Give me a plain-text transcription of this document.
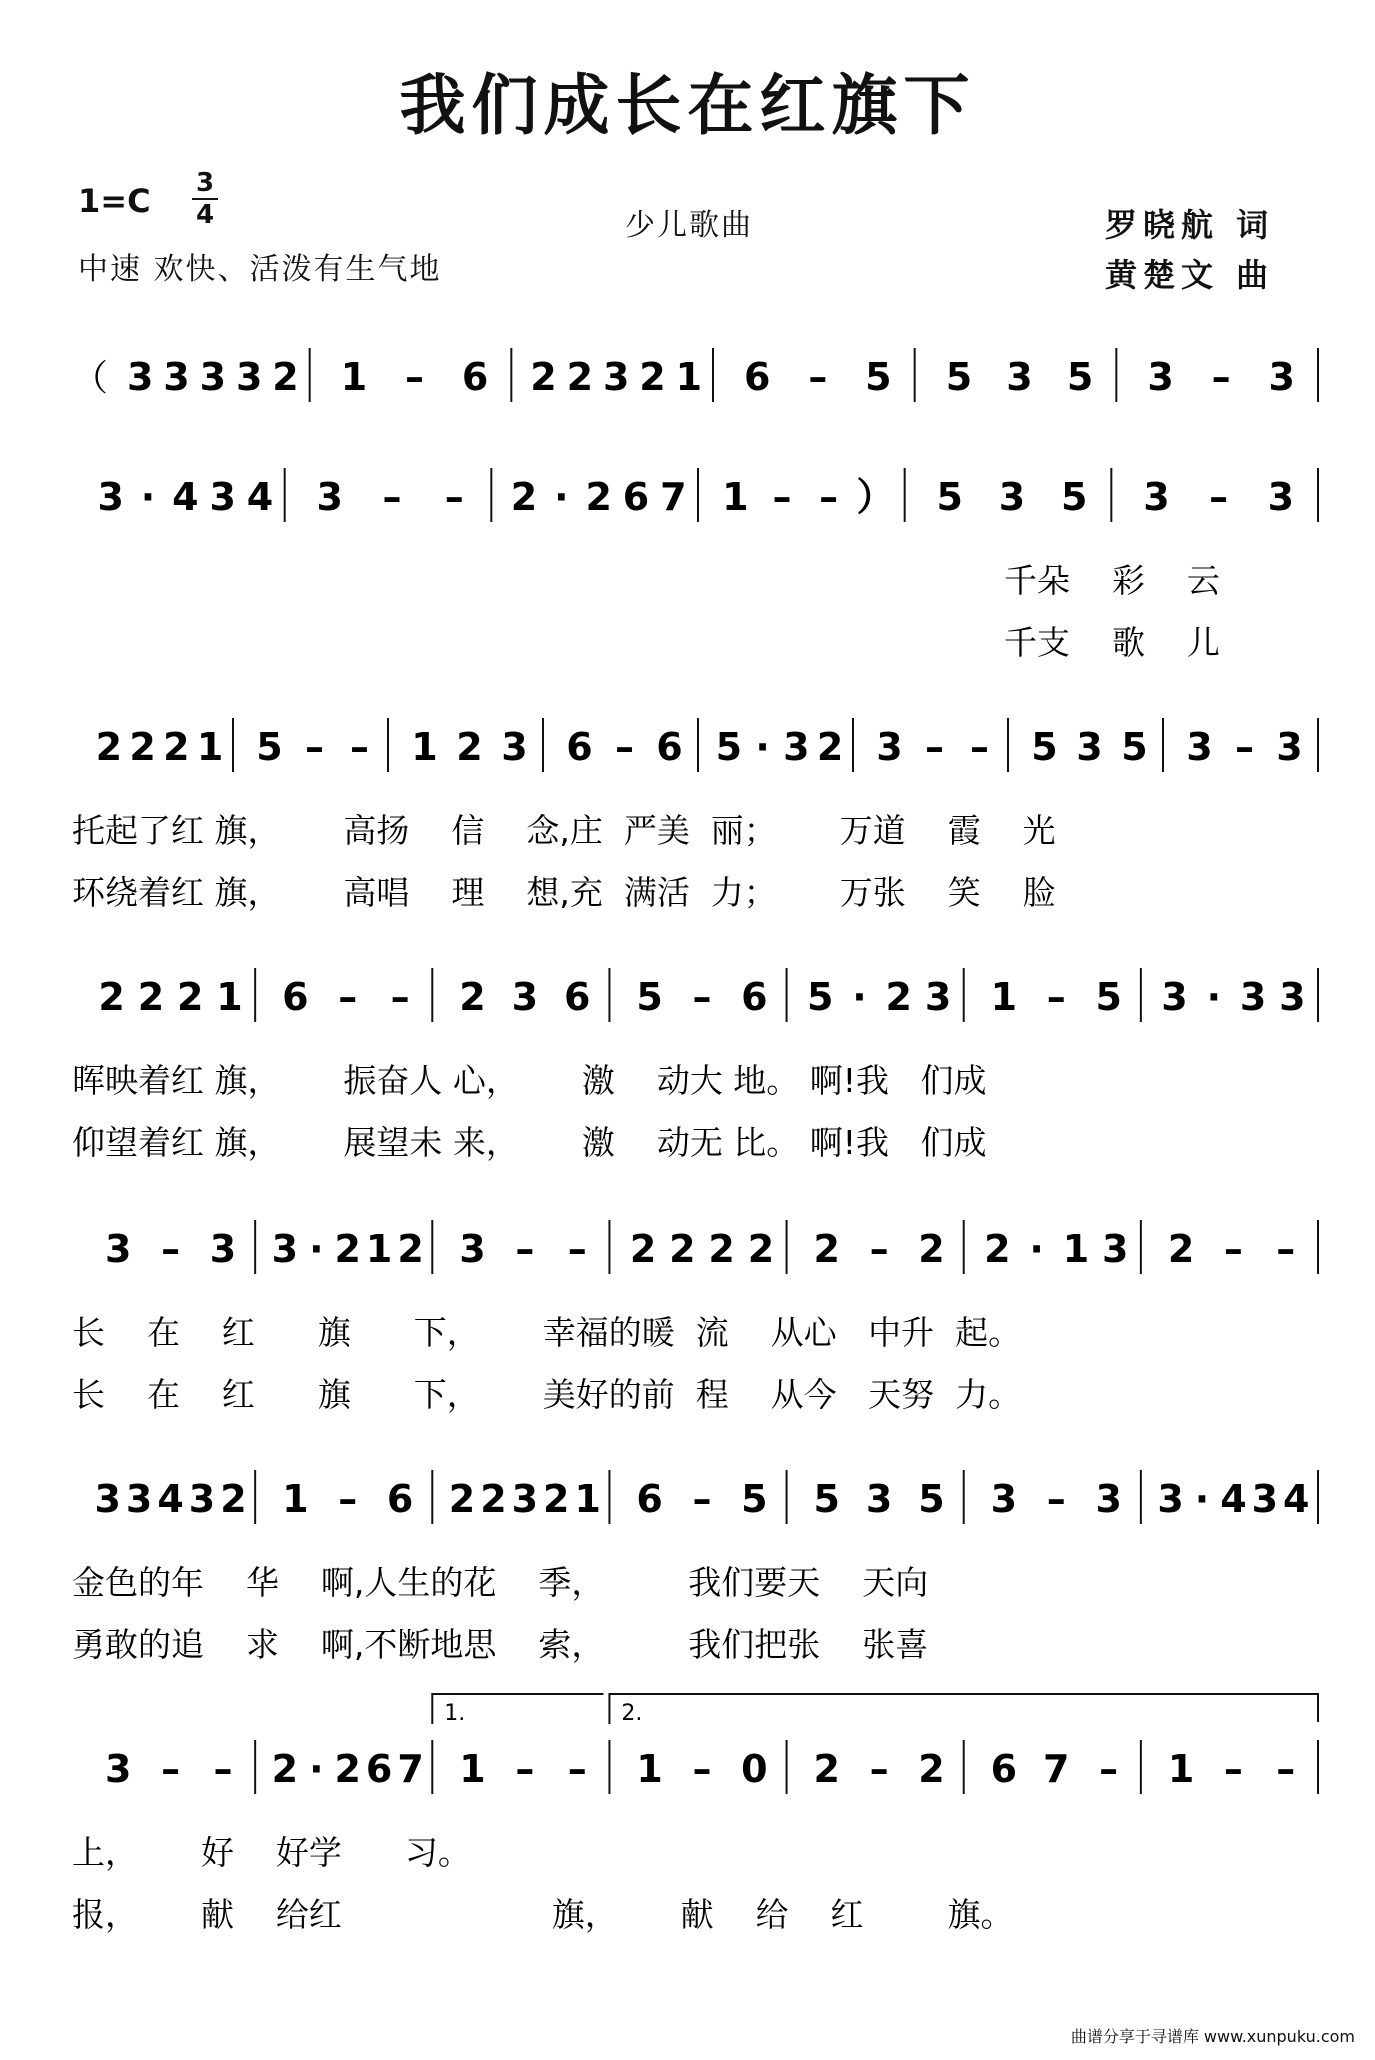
我们成长在红旗下
1=C 3
4
中速 欢快、活泼有生气地
少儿歌曲	罗晓航 词
黄楚文 曲
（ 3 3 3 3 2 1 – 6 2 2 3 2 1 6 – 5 5 3 5 3 – 3
3 · 4 3 4 3 – – 2 · 2 6 7 1 – – ） 5 3 5 3 – 3
千朵    彩    云
千支    歌    儿
2 2 2 1 5 – – 1 2 3 6 – 6 5 · 3 2 3 – – 5 3 5 3 – 3
托起了红 旗，      高扬    信    念,庄  严美  丽；      万道    霞    光
环绕着红 旗，      高唱    理    想,充  满活  力；      万张    笑    脸
2 2 2 1 6 – – 2 3 6 5 – 6 5 · 2 3 1 – 5 3 · 3 3
晖映着红 旗，      振奋人 心，      激    动大 地。 啊!我   们成
仰望着红 旗，      展望未 来，      激    动无 比。 啊!我   们成
3 – 3 3 · 2 1 2 3 – – 2 2 2 2 2 – 2 2 · 1 3 2 – –
长    在    红      旗      下，      幸福的暖  流    从心   中升  起。
长    在    红      旗      下，      美好的前  程    从今   天努  力。
3 3 4 3 2 1 – 6 2 2 3 2 1 6 – 5 5 3 5 3 – 3 3 · 4 3 4
金色的年    华    啊,人生的花    季，        我们要天    天向
勇敢的追    求    啊,不断地思    索，        我们把张    张喜
3 – – 2 · 2 6 7 1 – – 1 – 0 2 – 2 6 7 – 1 – –
1.	2.
上，      好    好学      习。
报，      献    给红                    旗，      献    给    红        旗。
曲谱分享于寻谱库 www.xunpuku.com
